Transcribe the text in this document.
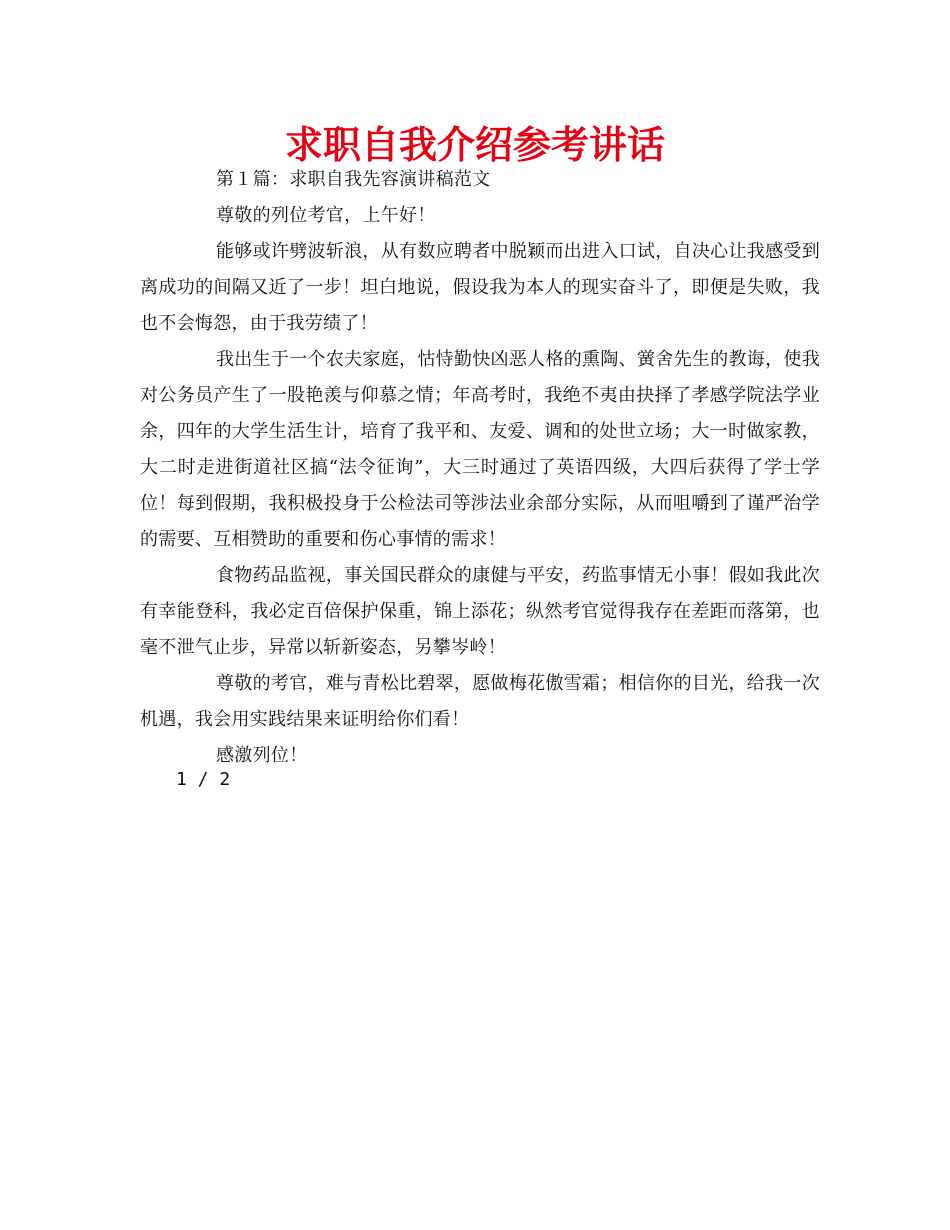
求职自我介绍参考讲话

第１篇：求职自我先容演讲稿范文

尊敬的列位考官，上午好！

能够或许劈波斩浪，从有数应聘者中脱颖而出进入口试，自决心让我感受到离成功的间隔又近了一步！坦白地说，假设我为本人的现实奋斗了，即便是失败，我也不会悔怨，由于我劳绩了！

我出生于一个农夫家庭，怙恃勤快凶恶人格的熏陶、黉舍先生的教诲，使我对公务员产生了一股艳羡与仰慕之情；年高考时，我绝不夷由抉择了孝感学院法学业余，四年的大学生活生计，培育了我平和、友爱、调和的处世立场；大一时做家教，大二时走进街道社区搞“法令征询”，大三时通过了英语四级，大四后获得了学士学位！每到假期，我积极投身于公检法司等涉法业余部分实际，从而咀嚼到了谨严治学的需要、互相赞助的重要和伤心事情的需求！

食物药品监视，事关国民群众的康健与平安，药监事情无小事！假如我此次有幸能登科，我必定百倍保护保重，锦上添花；纵然考官觉得我存在差距而落第，也毫不泄气止步，异常以斩新姿态，另攀岑岭！

尊敬的考官，难与青松比碧翠，愿做梅花傲雪霜；相信你的目光，给我一次机遇，我会用实践结果来证明给你们看！

感激列位！

1 / 2
